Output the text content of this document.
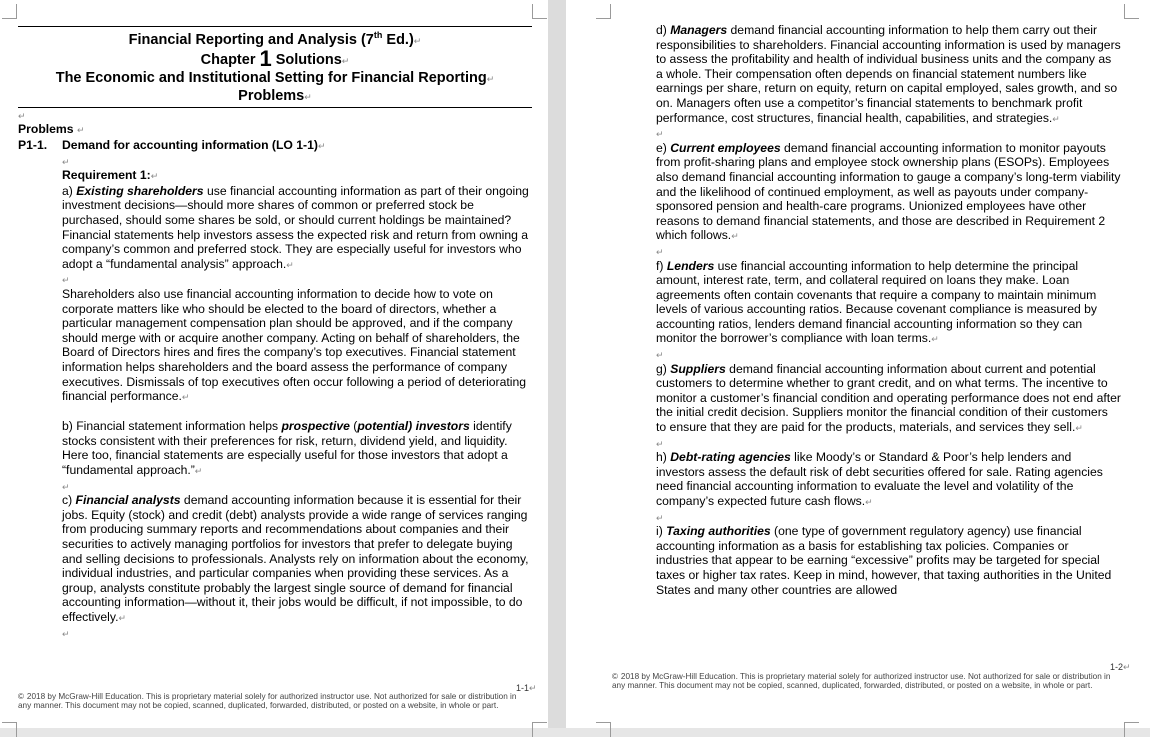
Financial Reporting and Analysis (7th Ed.)↵
Chapter 1 Solutions↵
The Economic and Institutional Setting for Financial Reporting↵
Problems↵
↵
Problems ↵
P1-1.	Demand for accounting information (LO 1-1)↵
↵
Requirement 1:↵

a) Existing shareholders use financial accounting information as part of their ongoing investment decisions—should more shares of common or preferred stock be purchased, should some shares be sold, or should current holdings be maintained? Financial statements help investors assess the expected risk and return from owning a company’s common and preferred stock. They are especially useful for investors who adopt a “fundamental analysis” approach.↵

↵

Shareholders also use financial accounting information to decide how to vote on corporate matters like who should be elected to the board of directors, whether a particular management compensation plan should be approved, and if the company should merge with or acquire another company. Acting on behalf of shareholders, the Board of Directors hires and fires the company’s top executives. Financial statement information helps shareholders and the board assess the performance of company executives. Dismissals of top executives often occur following a period of deteriorating financial performance.↵

b) Financial statement information helps prospective (potential) investors identify stocks consistent with their preferences for risk, return, dividend yield, and liquidity. Here too, financial statements are especially useful for those investors that adopt a “fundamental approach.”↵

↵

c) Financial analysts demand accounting information because it is essential for their jobs. Equity (stock) and credit (debt) analysts provide a wide range of services ranging from producing summary reports and recommendations about companies and their securities to actively managing portfolios for investors that prefer to delegate buying and selling decisions to professionals. Analysts rely on information about the economy, individual industries, and particular companies when providing these services. As a group, analysts constitute probably the largest single source of demand for financial accounting information—without it, their jobs would be difficult, if not impossible, to do effectively.↵

↵
1-1↵
© 2018 by McGraw-Hill Education. This is proprietary material solely for authorized instructor use. Not authorized for sale or distribution in any manner. This document may not be copied, scanned, duplicated, forwarded, distributed, or posted on a website, in whole or part.

d) Managers demand financial accounting information to help them carry out their responsibilities to shareholders. Financial accounting information is used by managers to assess the profitability and health of individual business units and the company as a whole. Their compensation often depends on financial statement numbers like earnings per share, return on equity, return on capital employed, sales growth, and so on. Managers often use a competitor’s financial statements to benchmark profit performance, cost structures, financial health, capabilities, and strategies.↵

↵

e) Current employees demand financial accounting information to monitor payouts from profit-sharing plans and employee stock ownership plans (ESOPs). Employees also demand financial accounting information to gauge a company’s long-term viability and the likelihood of continued employment, as well as payouts under company-sponsored pension and health-care programs. Unionized employees have other reasons to demand financial statements, and those are described in Requirement 2 which follows.↵

↵

f) Lenders use financial accounting information to help determine the principal amount, interest rate, term, and collateral required on loans they make. Loan agreements often contain covenants that require a company to maintain minimum levels of various accounting ratios. Because covenant compliance is measured by accounting ratios, lenders demand financial accounting information so they can monitor the borrower’s compliance with loan terms.↵

↵

g) Suppliers demand financial accounting information about current and potential customers to determine whether to grant credit, and on what terms. The incentive to monitor a customer’s financial condition and operating performance does not end after the initial credit decision. Suppliers monitor the financial condition of their customers to ensure that they are paid for the products, materials, and services they sell.↵

↵

h) Debt-rating agencies like Moody’s or Standard & Poor’s help lenders and investors assess the default risk of debt securities offered for sale. Rating agencies need financial accounting information to evaluate the level and volatility of the company’s expected future cash flows.↵

↵

i) Taxing authorities (one type of government regulatory agency) use financial accounting information as a basis for establishing tax policies. Companies or industries that appear to be earning “excessive” profits may be targeted for special taxes or higher tax rates. Keep in mind, however, that taxing authorities in the United States and many other countries are allowed

1-2↵
© 2018 by McGraw-Hill Education. This is proprietary material solely for authorized instructor use. Not authorized for sale or distribution in any manner. This document may not be copied, scanned, duplicated, forwarded, distributed, or posted on a website, in whole or part.
